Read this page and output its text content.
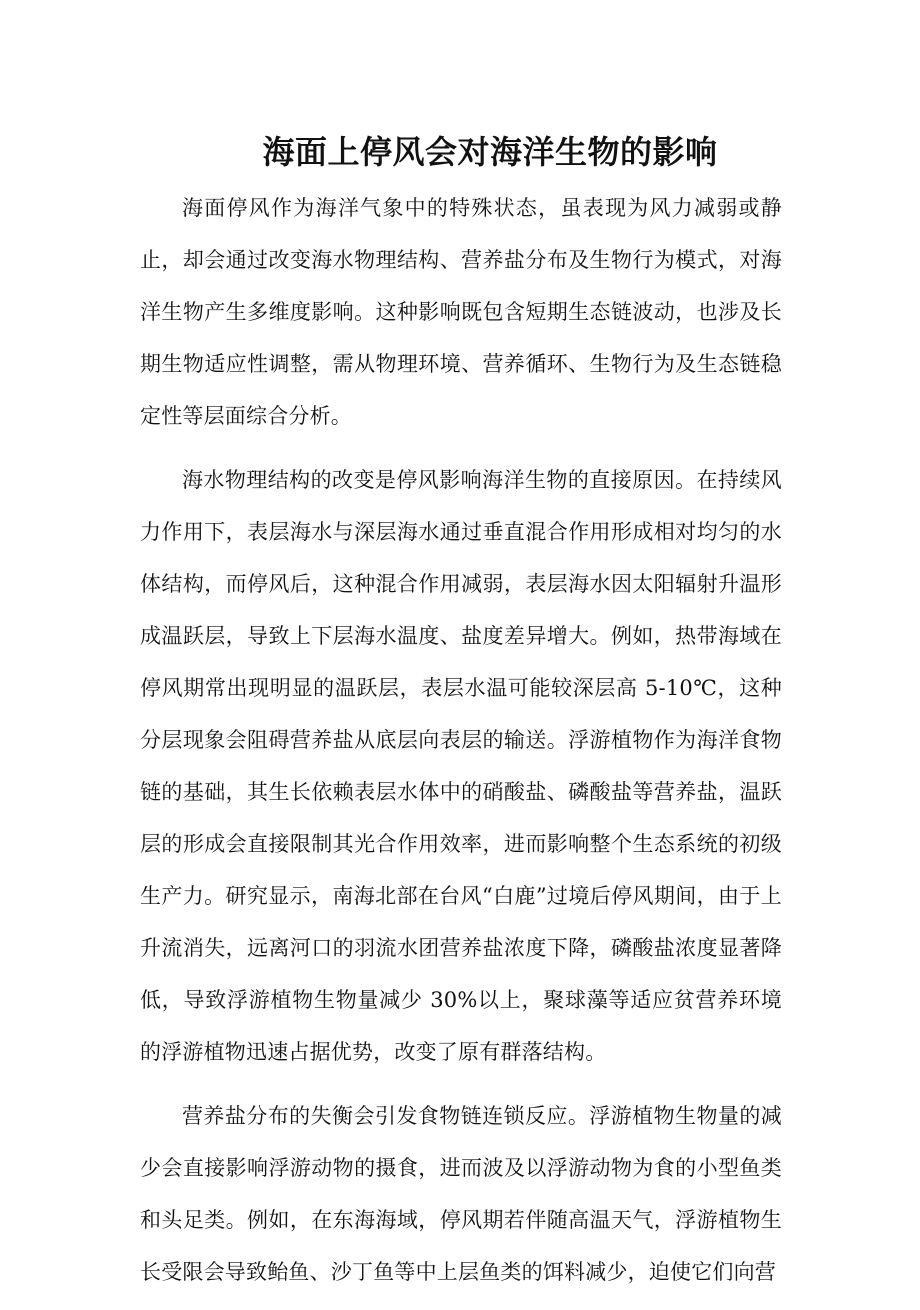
海面上停风会对海洋生物的影响

海面停风作为海洋气象中的特殊状态，虽表现为风力减弱或静止，却会通过改变海水物理结构、营养盐分布及生物行为模式，对海洋生物产生多维度影响。这种影响既包含短期生态链波动，也涉及长期生物适应性调整，需从物理环境、营养循环、生物行为及生态链稳定性等层面综合分析。

海水物理结构的改变是停风影响海洋生物的直接原因。在持续风力作用下，表层海水与深层海水通过垂直混合作用形成相对均匀的水体结构，而停风后，这种混合作用减弱，表层海水因太阳辐射升温形成温跃层，导致上下层海水温度、盐度差异增大。例如，热带海域在停风期常出现明显的温跃层，表层水温可能较深层高 5-10℃，这种分层现象会阻碍营养盐从底层向表层的输送。浮游植物作为海洋食物链的基础，其生长依赖表层水体中的硝酸盐、磷酸盐等营养盐，温跃层的形成会直接限制其光合作用效率，进而影响整个生态系统的初级生产力。研究显示，南海北部在台风“白鹿”过境后停风期间，由于上升流消失，远离河口的羽流水团营养盐浓度下降，磷酸盐浓度显著降低，导致浮游植物生物量减少 30%以上，聚球藻等适应贫营养环境的浮游植物迅速占据优势，改变了原有群落结构。

营养盐分布的失衡会引发食物链连锁反应。浮游植物生物量的减少会直接影响浮游动物的摄食，进而波及以浮游动物为食的小型鱼类和头足类。例如，在东海海域，停风期若伴随高温天气，浮游植物生长受限会导致鲐鱼、沙丁鱼等中上层鱼类的饵料减少，迫使它们向营
